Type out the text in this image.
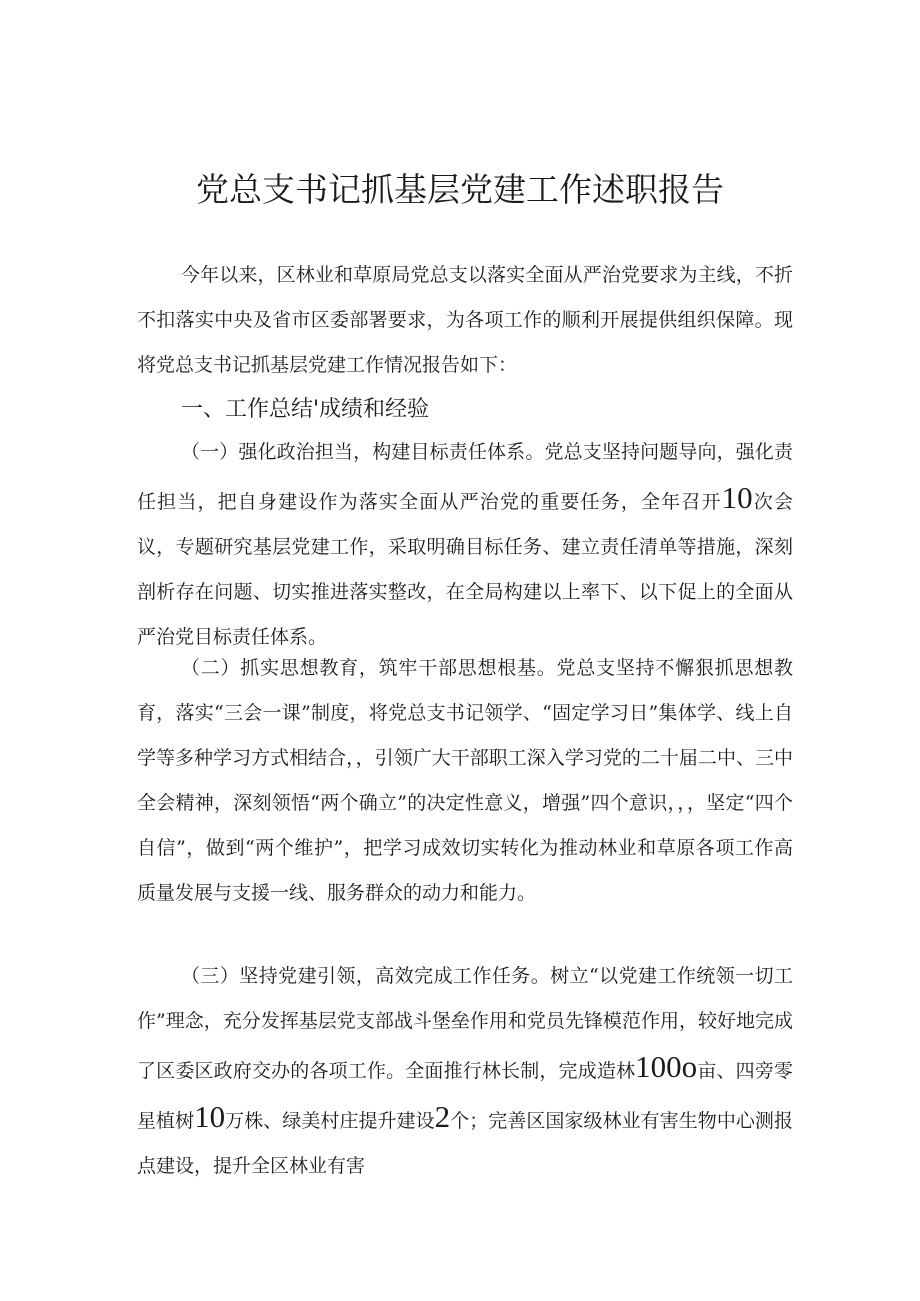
党总支书记抓基层党建工作述职报告

今年以来，区林业和草原局党总支以落实全面从严治党要求为主线，不折不扣落实中央及省市区委部署要求，为各项工作的顺利开展提供组织保障。现将党总支书记抓基层党建工作情况报告如下：

一、工作总结'成绩和经验

（一）强化政治担当，构建目标责任体系。党总支坚持问题导向，强化责任担当，把自身建设作为落实全面从严治党的重要任务，全年召开10次会议，专题研究基层党建工作，采取明确目标任务、建立责任清单等措施，深刻剖析存在问题、切实推进落实整改，在全局构建以上率下、以下促上的全面从严治党目标责任体系。

（二）抓实思想教育，筑牢干部思想根基。党总支坚持不懈狠抓思想教育，落实“三会一课”制度，将党总支书记领学、“固定学习日”集体学、线上自学等多种学习方式相结合，，引领广大干部职工深入学习党的二十届二中、三中全会精神，深刻领悟“两个确立”的决定性意义，增强”四个意识，，，坚定“四个自信”，做到“两个维护”，把学习成效切实转化为推动林业和草原各项工作高质量发展与支援一线、服务群众的动力和能力。

（三）坚持党建引领，高效完成工作任务。树立“以党建工作统领一切工作”理念，充分发挥基层党支部战斗堡垒作用和党员先锋模范作用，较好地完成了区委区政府交办的各项工作。全面推行林长制，完成造林100o亩、四旁零星植树10万株、绿美村庄提升建设2个；完善区国家级林业有害生物中心测报点建设，提升全区林业有害
